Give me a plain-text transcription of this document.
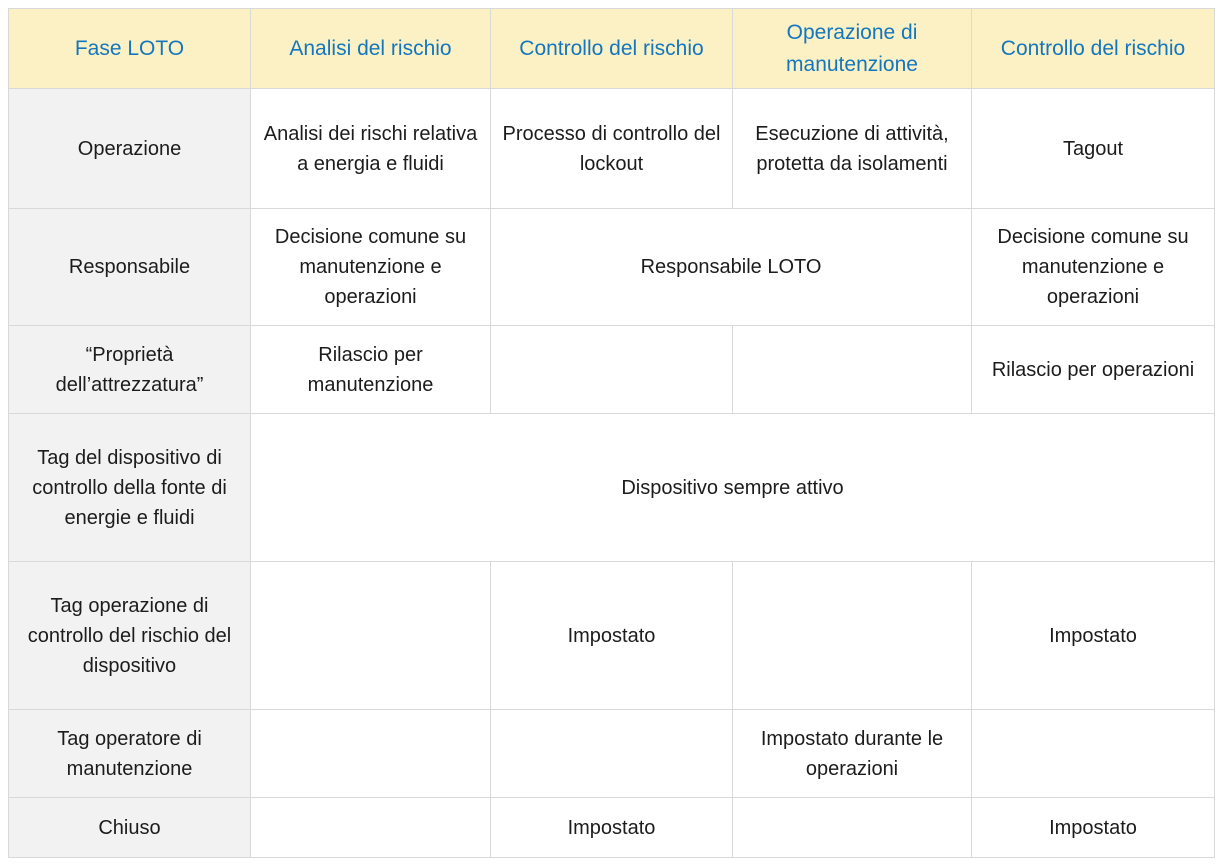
Fase LOTO	Analisi del rischio	Controllo del rischio	Operazione di manutenzione	Controllo del rischio
Operazione	Analisi dei rischi relativa a energia e fluidi	Processo di controllo del lockout	Esecuzione di attività, protetta da isolamenti	Tagout
Responsabile	Decisione comune su manutenzione e operazioni	Responsabile LOTO		Decisione comune su manutenzione e operazioni
“Proprietà dell’attrezzatura”	Rilascio per manutenzione			Rilascio per operazioni
Tag del dispositivo di controllo della fonte di energie e fluidi	Dispositivo sempre attivo			
Tag operazione di controllo del rischio del dispositivo		Impostato		Impostato
Tag operatore di manutenzione			Impostato durante le operazioni	
Chiuso		Impostato		Impostato
